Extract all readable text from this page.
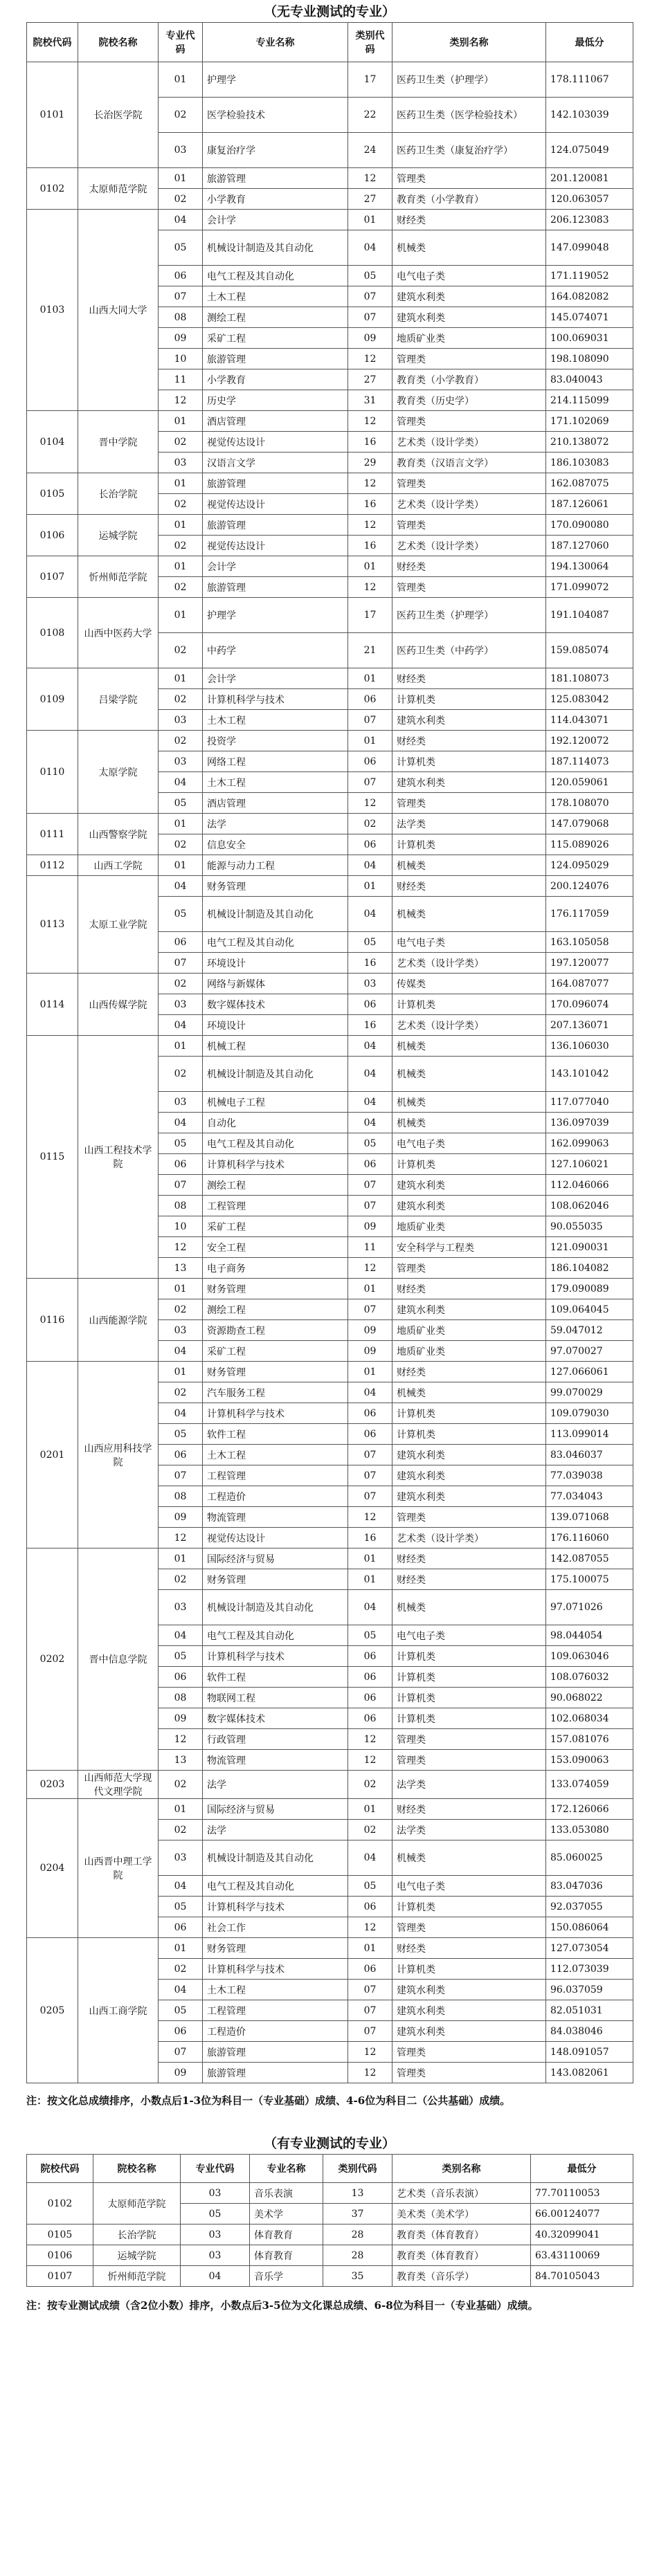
（无专业测试的专业）
院校代码	院校名称	专业代码	专业名称	类别代码	类别名称	最低分
0101	长治医学院	01	护理学	17	医药卫生类（护理学）	178.111067
		02	医学检验技术	22	医药卫生类（医学检验技术）	142.103039
		03	康复治疗学	24	医药卫生类（康复治疗学）	124.075049
0102	太原师范学院	01	旅游管理	12	管理类	201.120081
		02	小学教育	27	教育类（小学教育）	120.063057
0103	山西大同大学	04	会计学	01	财经类	206.123083
		05	机械设计制造及其自动化	04	机械类	147.099048
		06	电气工程及其自动化	05	电气电子类	171.119052
		07	土木工程	07	建筑水利类	164.082082
		08	测绘工程	07	建筑水利类	145.074071
		09	采矿工程	09	地质矿业类	100.069031
		10	旅游管理	12	管理类	198.108090
		11	小学教育	27	教育类（小学教育）	83.040043
		12	历史学	31	教育类（历史学）	214.115099
0104	晋中学院	01	酒店管理	12	管理类	171.102069
		02	视觉传达设计	16	艺术类（设计学类）	210.138072
		03	汉语言文学	29	教育类（汉语言文学）	186.103083
0105	长治学院	01	旅游管理	12	管理类	162.087075
		02	视觉传达设计	16	艺术类（设计学类）	187.126061
0106	运城学院	01	旅游管理	12	管理类	170.090080
		02	视觉传达设计	16	艺术类（设计学类）	187.127060
0107	忻州师范学院	01	会计学	01	财经类	194.130064
		02	旅游管理	12	管理类	171.099072
0108	山西中医药大学	01	护理学	17	医药卫生类（护理学）	191.104087
		02	中药学	21	医药卫生类（中药学）	159.085074
0109	吕梁学院	01	会计学	01	财经类	181.108073
		02	计算机科学与技术	06	计算机类	125.083042
		03	土木工程	07	建筑水利类	114.043071
0110	太原学院	02	投资学	01	财经类	192.120072
		03	网络工程	06	计算机类	187.114073
		04	土木工程	07	建筑水利类	120.059061
		05	酒店管理	12	管理类	178.108070
0111	山西警察学院	01	法学	02	法学类	147.079068
		02	信息安全	06	计算机类	115.089026
0112	山西工学院	01	能源与动力工程	04	机械类	124.095029
0113	太原工业学院	04	财务管理	01	财经类	200.124076
		05	机械设计制造及其自动化	04	机械类	176.117059
		06	电气工程及其自动化	05	电气电子类	163.105058
		07	环境设计	16	艺术类（设计学类）	197.120077
0114	山西传媒学院	02	网络与新媒体	03	传媒类	164.087077
		03	数字媒体技术	06	计算机类	170.096074
		04	环境设计	16	艺术类（设计学类）	207.136071
0115	山西工程技术学院	01	机械工程	04	机械类	136.106030
		02	机械设计制造及其自动化	04	机械类	143.101042
		03	机械电子工程	04	机械类	117.077040
		04	自动化	04	机械类	136.097039
		05	电气工程及其自动化	05	电气电子类	162.099063
		06	计算机科学与技术	06	计算机类	127.106021
		07	测绘工程	07	建筑水利类	112.046066
		08	工程管理	07	建筑水利类	108.062046
		10	采矿工程	09	地质矿业类	90.055035
		12	安全工程	11	安全科学与工程类	121.090031
		13	电子商务	12	管理类	186.104082
0116	山西能源学院	01	财务管理	01	财经类	179.090089
		02	测绘工程	07	建筑水利类	109.064045
		03	资源勘查工程	09	地质矿业类	59.047012
		04	采矿工程	09	地质矿业类	97.070027
0201	山西应用科技学院	01	财务管理	01	财经类	127.066061
		02	汽车服务工程	04	机械类	99.070029
		04	计算机科学与技术	06	计算机类	109.079030
		05	软件工程	06	计算机类	113.099014
		06	土木工程	07	建筑水利类	83.046037
		07	工程管理	07	建筑水利类	77.039038
		08	工程造价	07	建筑水利类	77.034043
		09	物流管理	12	管理类	139.071068
		12	视觉传达设计	16	艺术类（设计学类）	176.116060
0202	晋中信息学院	01	国际经济与贸易	01	财经类	142.087055
		02	财务管理	01	财经类	175.100075
		03	机械设计制造及其自动化	04	机械类	97.071026
		04	电气工程及其自动化	05	电气电子类	98.044054
		05	计算机科学与技术	06	计算机类	109.063046
		06	软件工程	06	计算机类	108.076032
		08	物联网工程	06	计算机类	90.068022
		09	数字媒体技术	06	计算机类	102.068034
		12	行政管理	12	管理类	157.081076
		13	物流管理	12	管理类	153.090063
0203	山西师范大学现代文理学院	02	法学	02	法学类	133.074059
0204	山西晋中理工学院	01	国际经济与贸易	01	财经类	172.126066
		02	法学	02	法学类	133.053080
		03	机械设计制造及其自动化	04	机械类	85.060025
		04	电气工程及其自动化	05	电气电子类	83.047036
		05	计算机科学与技术	06	计算机类	92.037055
		06	社会工作	12	管理类	150.086064
0205	山西工商学院	01	财务管理	01	财经类	127.073054
		02	计算机科学与技术	06	计算机类	112.073039
		04	土木工程	07	建筑水利类	96.037059
		05	工程管理	07	建筑水利类	82.051031
		06	工程造价	07	建筑水利类	84.038046
		07	旅游管理	12	管理类	148.091057
		09	旅游管理	12	管理类	143.082061
注：按文化总成绩排序，小数点后1-3位为科目一（专业基础）成绩、4-6位为科目二（公共基础）成绩。
（有专业测试的专业）
院校代码	院校名称	专业代码	专业名称	类别代码	类别名称	最低分
0102	太原师范学院	03	音乐表演	13	艺术类（音乐表演）	77.70110053
		05	美术学	37	美术类（美术学）	66.00124077
0105	长治学院	03	体育教育	28	教育类（体育教育）	40.32099041
0106	运城学院	03	体育教育	28	教育类（体育教育）	63.43110069
0107	忻州师范学院	04	音乐学	35	教育类（音乐学）	84.70105043
注：按专业测试成绩（含2位小数）排序，小数点后3-5位为文化课总成绩、6-8位为科目一（专业基础）成绩。
